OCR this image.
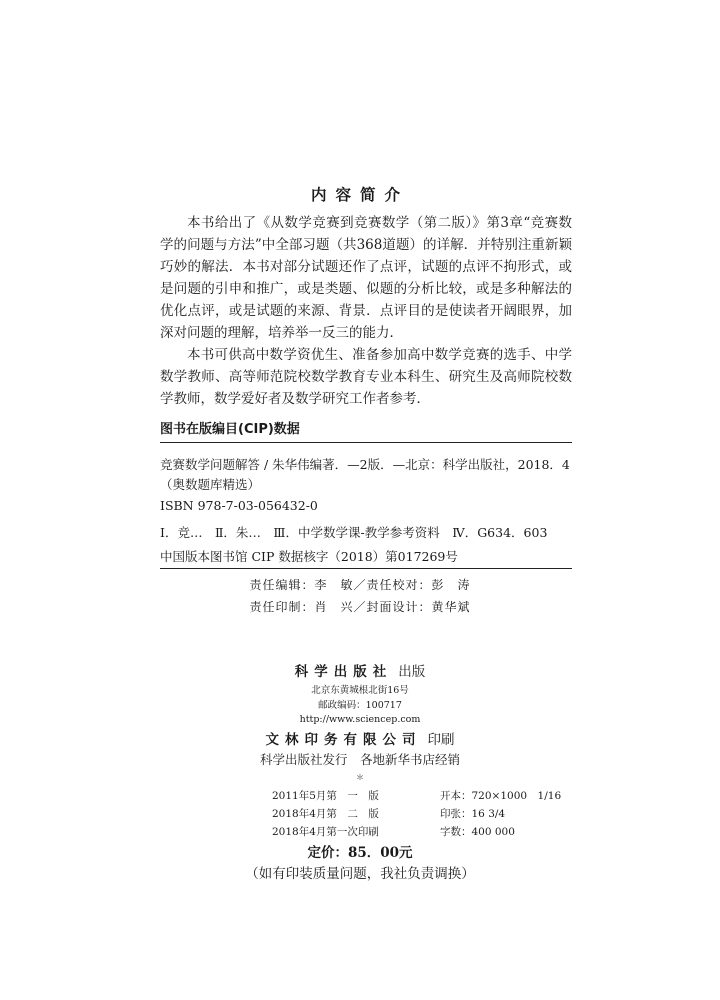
内容简介

本书给出了《从数学竞赛到竞赛数学（第二版）》第3章“竞赛数学的问题与方法”中全部习题（共368道题）的详解．并特别注重新颖巧妙的解法．本书对部分试题还作了点评，试题的点评不拘形式，或是问题的引申和推广，或是类题、似题的分析比较，或是多种解法的优化点评，或是试题的来源、背景．点评目的是使读者开阔眼界，加深对问题的理解，培养举一反三的能力．

本书可供高中数学资优生、准备参加高中数学竞赛的选手、中学数学教师、高等师范院校数学教育专业本科生、研究生及高师院校数学教师，数学爱好者及数学研究工作者参考．

图书在版编目(CIP)数据
竞赛数学问题解答 / 朱华伟编著．—2版．—北京：科学出版社，2018．4
（奥数题库精选）
ISBN 978-7-03-056432-0
Ⅰ．竞…　Ⅱ．朱…　Ⅲ．中学数学课-教学参考资料　Ⅳ．G634．603
中国版本图书馆 CIP 数据核字（2018）第017269号
责任编辑：李　敏／责任校对：彭　涛
责任印制：肖　兴／封面设计：黄华斌
科学出版社 出版
北京东黄城根北街16号
邮政编码：100717
http://www.sciencep.com
文林印务有限公司 印刷
科学出版社发行　各地新华书店经销
＊
2011年5月第　一　版	开本：720×1000　1/16
2018年4月第　二　版	印张：16 3/4
2018年4月第一次印刷	字数：400 000
定价：85．00元
（如有印装质量问题，我社负责调换）
